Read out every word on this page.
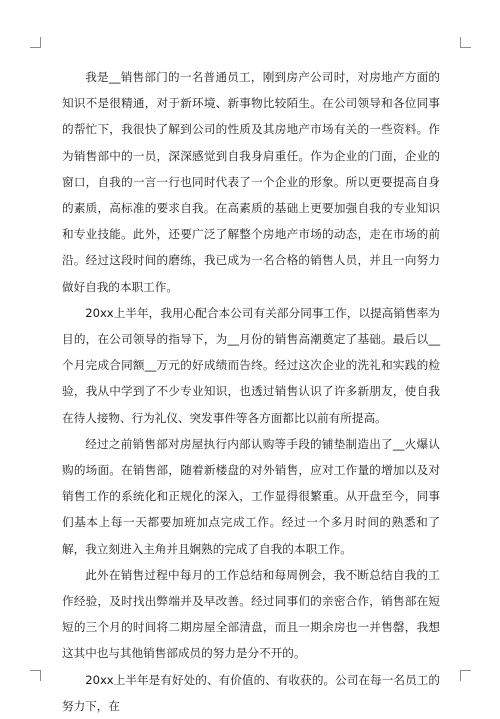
我是__销售部门的一名普通员工，刚到房产公司时，对房地产方面的知识不是很精通，对于新环境、新事物比较陌生。在公司领导和各位同事的帮忙下，我很快了解到公司的性质及其房地产市场有关的一些资料。作为销售部中的一员，深深感觉到自我身肩重任。作为企业的门面，企业的窗口，自我的一言一行也同时代表了一个企业的形象。所以更要提高自身的素质，高标准的要求自我。在高素质的基础上更要加强自我的专业知识和专业技能。此外，还要广泛了解整个房地产市场的动态，走在市场的前沿。经过这段时间的磨练，我已成为一名合格的销售人员，并且一向努力做好自我的本职工作。

20xx上半年，我用心配合本公司有关部分同事工作，以提高销售率为目的，在公司领导的指导下，为__月份的销售高潮奠定了基础。最后以__个月完成合同额__万元的好成绩而告终。经过这次企业的洗礼和实践的检验，我从中学到了不少专业知识，也透过销售认识了许多新朋友，使自我在待人接物、行为礼仪、突发事件等各方面都比以前有所提高。

经过之前销售部对房屋执行内部认购等手段的铺垫制造出了__火爆认购的场面。在销售部，随着新楼盘的对外销售，应对工作量的增加以及对销售工作的系统化和正规化的深入，工作显得很繁重。从开盘至今，同事们基本上每一天都要加班加点完成工作。经过一个多月时间的熟悉和了解，我立刻进入主角并且娴熟的完成了自我的本职工作。

此外在销售过程中每月的工作总结和每周例会，我不断总结自我的工作经验，及时找出弊端并及早改善。经过同事们的亲密合作，销售部在短短的三个月的时间将二期房屋全部清盘，而且一期余房也一并售罄，我想这其中也与其他销售部成员的努力是分不开的。

20xx上半年是有好处的、有价值的、有收获的。公司在每一名员工的努力下，在
